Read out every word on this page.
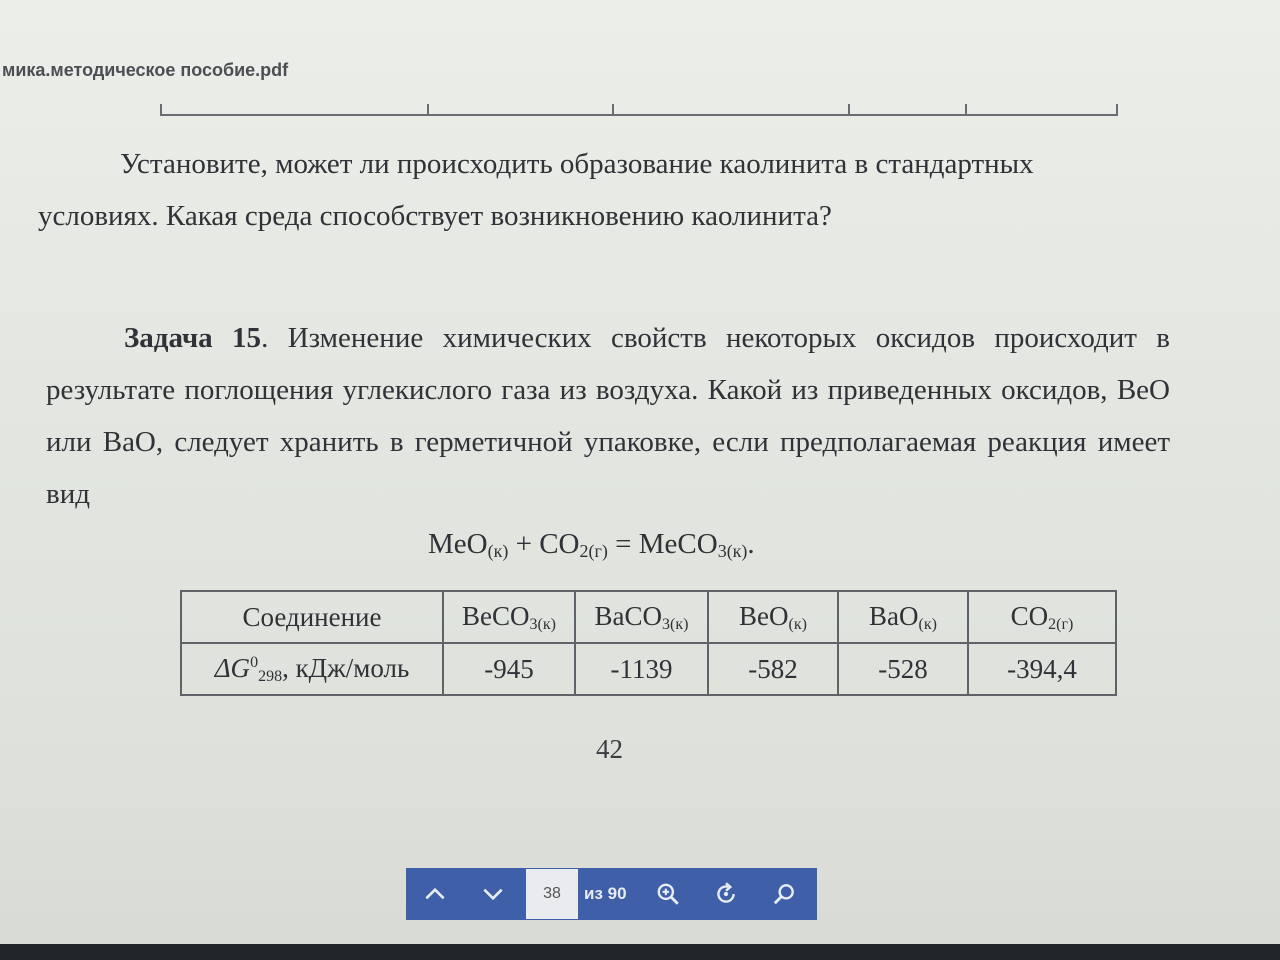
мика.методическое пособие.pdf
Установите, может ли происходить образование каолинита в стандартных
условиях. Какая среда способствует возникновению каолинита?
Задача 15. Изменение химических свойств некоторых оксидов происходит в результате поглощения углекислого газа из воздуха. Какой из приведенных оксидов, BeO или BaO, следует хранить в герметичной упаковке, если предполагаемая реакция имеет вид
$MeO_{(к)} + CO_{2(г)}$ = MeCO$_{3(к)}$.
Соединение	BeCO$_{3(к)}$	BaCO$_{3(к)}$	BeO$_{(к)}$	BaO$_{(к)}$	$CO_{2(г)}$
$\Delta G^0_{298}$, кДж/моль	-945	-1139	-582	-528	-394,4
42
38
из 90
